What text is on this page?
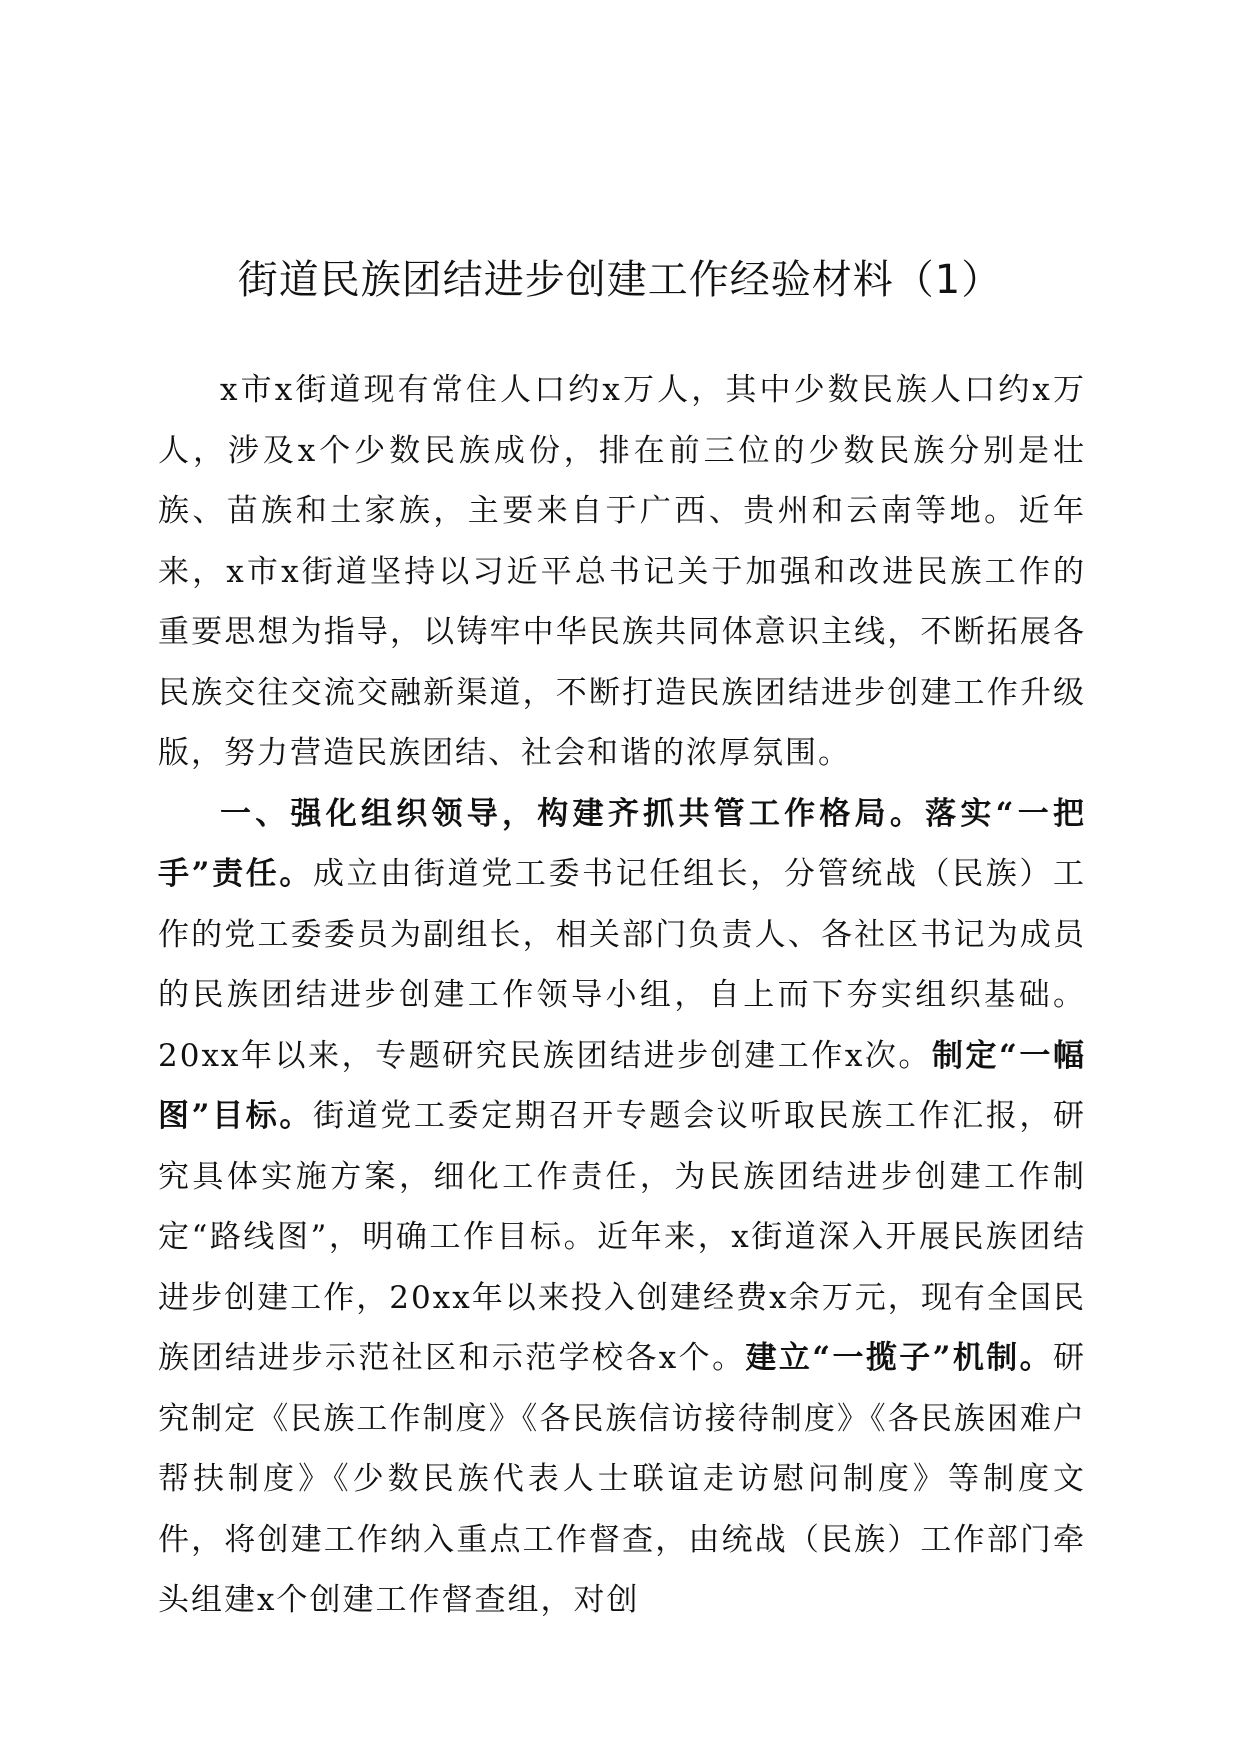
街道民族团结进步创建工作经验材料（1）

x市x街道现有常住人口约x万人，其中少数民族人口约x万人，涉及x个少数民族成份，排在前三位的少数民族分别是壮族、苗族和土家族，主要来自于广西、贵州和云南等地。近年来，x市x街道坚持以习近平总书记关于加强和改进民族工作的重要思想为指导，以铸牢中华民族共同体意识主线，不断拓展各民族交往交流交融新渠道，不断打造民族团结进步创建工作升级版，努力营造民族团结、社会和谐的浓厚氛围。

一、强化组织领导，构建齐抓共管工作格局。落实“一把手”责任。成立由街道党工委书记任组长，分管统战（民族）工作的党工委委员为副组长，相关部门负责人、各社区书记为成员的民族团结进步创建工作领导小组，自上而下夯实组织基础。20xx年以来，专题研究民族团结进步创建工作x次。制定“一幅图”目标。街道党工委定期召开专题会议听取民族工作汇报，研究具体实施方案，细化工作责任，为民族团结进步创建工作制定“路线图”，明确工作目标。近年来，x街道深入开展民族团结进步创建工作，20xx年以来投入创建经费x余万元，现有全国民族团结进步示范社区和示范学校各x个。建立“一揽子”机制。研究制定《民族工作制度》《各民族信访接待制度》《各民族困难户帮扶制度》《少数民族代表人士联谊走访慰问制度》等制度文件，将创建工作纳入重点工作督查，由统战（民族）工作部门牵头组建x个创建工作督查组，对创
